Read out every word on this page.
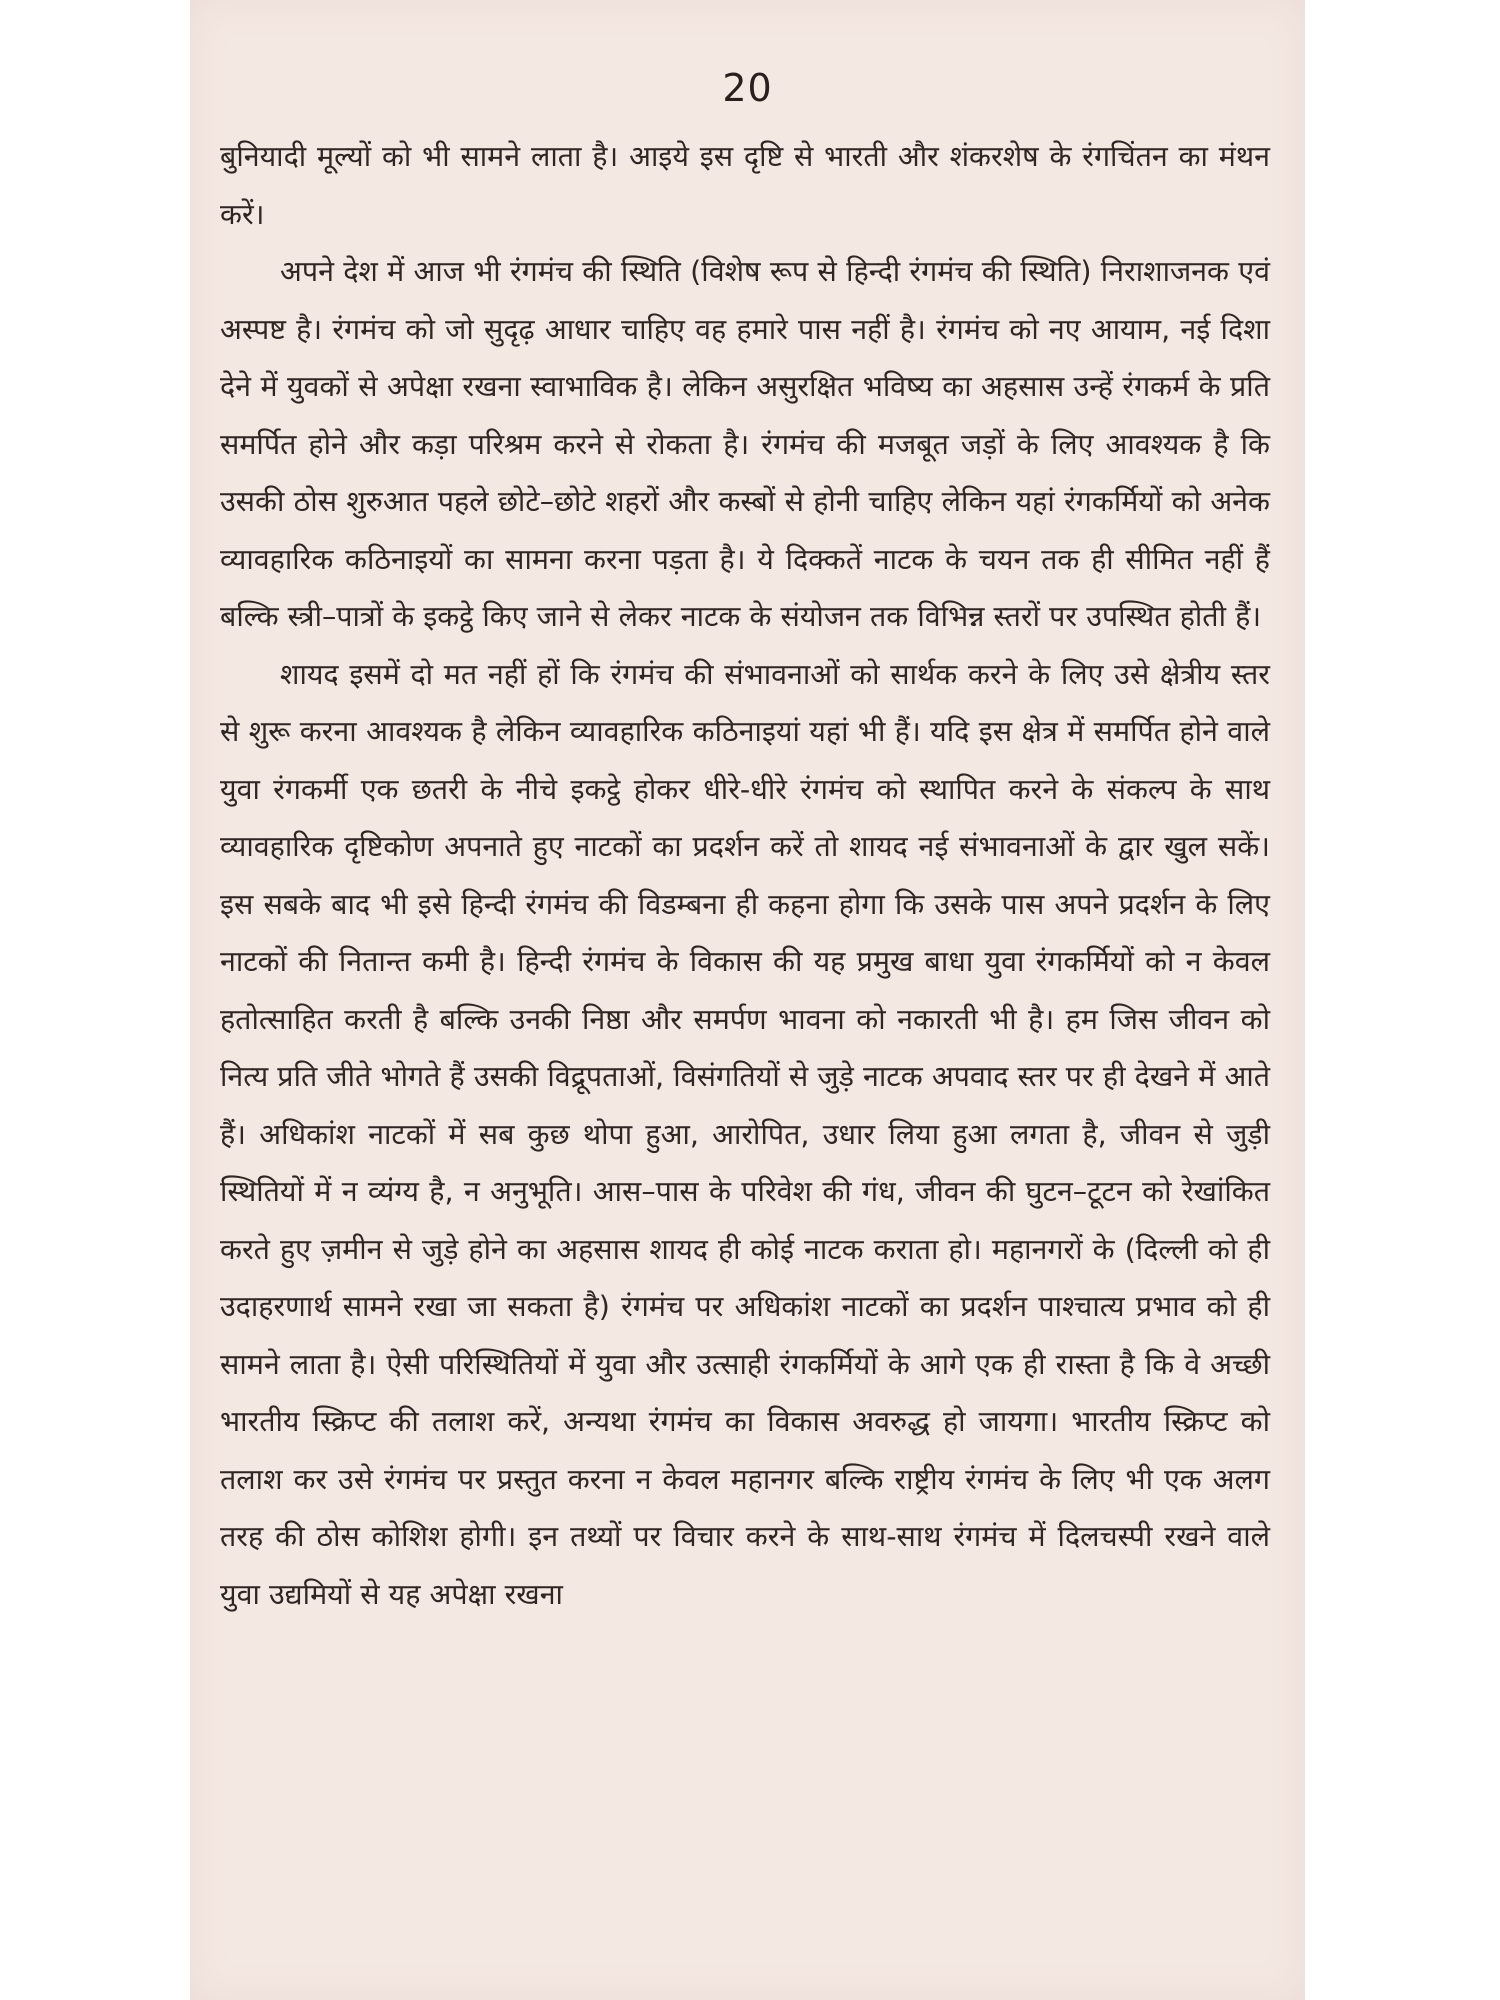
20

बुनियादी मूल्यों को भी सामने लाता है। आइये इस दृष्टि से भारती और शंकरशेष के रंगचिंतन का मंथन करें।

अपने देश में आज भी रंगमंच की स्थिति (विशेष रूप से हिन्दी रंगमंच की स्थिति) निराशाजनक एवं अस्पष्ट है। रंगमंच को जो सुदृढ़ आधार चाहिए वह हमारे पास नहीं है। रंगमंच को नए आयाम, नई दिशा देने में युवकों से अपेक्षा रखना स्वाभाविक है। लेकिन असुरक्षित भविष्य का अहसास उन्हें रंगकर्म के प्रति समर्पित होने और कड़ा परिश्रम करने से रोकता है। रंगमंच की मजबूत जड़ों के लिए आवश्यक है कि उसकी ठोस शुरुआत पहले छोटे–छोटे शहरों और कस्बों से होनी चाहिए लेकिन यहां रंगकर्मियों को अनेक व्यावहारिक कठिनाइयों का सामना करना पड़ता है। ये दिक्कतें नाटक के चयन तक ही सीमित नहीं हैं बल्कि स्त्री–पात्रों के इकट्ठे किए जाने से लेकर नाटक के संयोजन तक विभिन्न स्तरों पर उपस्थित होती हैं।

शायद इसमें दो मत नहीं हों कि रंगमंच की संभावनाओं को सार्थक करने के लिए उसे क्षेत्रीय स्तर से शुरू करना आवश्यक है लेकिन व्यावहारिक कठिनाइयां यहां भी हैं। यदि इस क्षेत्र में समर्पित होने वाले युवा रंगकर्मी एक छतरी के नीचे इकट्ठे होकर धीरे-धीरे रंगमंच को स्थापित करने के संकल्प के साथ व्यावहारिक दृष्टिकोण अपनाते हुए नाटकों का प्रदर्शन करें तो शायद नई संभावनाओं के द्वार खुल सकें। इस सबके बाद भी इसे हिन्दी रंगमंच की विडम्बना ही कहना होगा कि उसके पास अपने प्रदर्शन के लिए नाटकों की नितान्त कमी है। हिन्दी रंगमंच के विकास की यह प्रमुख बाधा युवा रंगकर्मियों को न केवल हतोत्साहित करती है बल्कि उनकी निष्ठा और समर्पण भावना को नकारती भी है। हम जिस जीवन को नित्य प्रति जीते भोगते हैं उसकी विद्रूपताओं, विसंगतियों से जुड़े नाटक अपवाद स्तर पर ही देखने में आते हैं। अधिकांश नाटकों में सब कुछ थोपा हुआ, आरोपित, उधार लिया हुआ लगता है, जीवन से जुड़ी स्थितियों में न व्यंग्य है, न अनुभूति। आस–पास के परिवेश की गंध, जीवन की घुटन–टूटन को रेखांकित करते हुए ज़मीन से जुड़े होने का अहसास शायद ही कोई नाटक कराता हो। महानगरों के (दिल्ली को ही उदाहरणार्थ सामने रखा जा सकता है) रंगमंच पर अधिकांश नाटकों का प्रदर्शन पाश्चात्य प्रभाव को ही सामने लाता है। ऐसी परिस्थितियों में युवा और उत्साही रंगकर्मियों के आगे एक ही रास्ता है कि वे अच्छी भारतीय स्क्रिप्ट की तलाश करें, अन्यथा रंगमंच का विकास अवरुद्ध हो जायगा। भारतीय स्क्रिप्ट को तलाश कर उसे रंगमंच पर प्रस्तुत करना न केवल महानगर बल्कि राष्ट्रीय रंगमंच के लिए भी एक अलग तरह की ठोस कोशिश होगी। इन तथ्यों पर विचार करने के साथ-साथ रंगमंच में दिलचस्पी रखने वाले युवा उद्यमियों से यह अपेक्षा रखना
